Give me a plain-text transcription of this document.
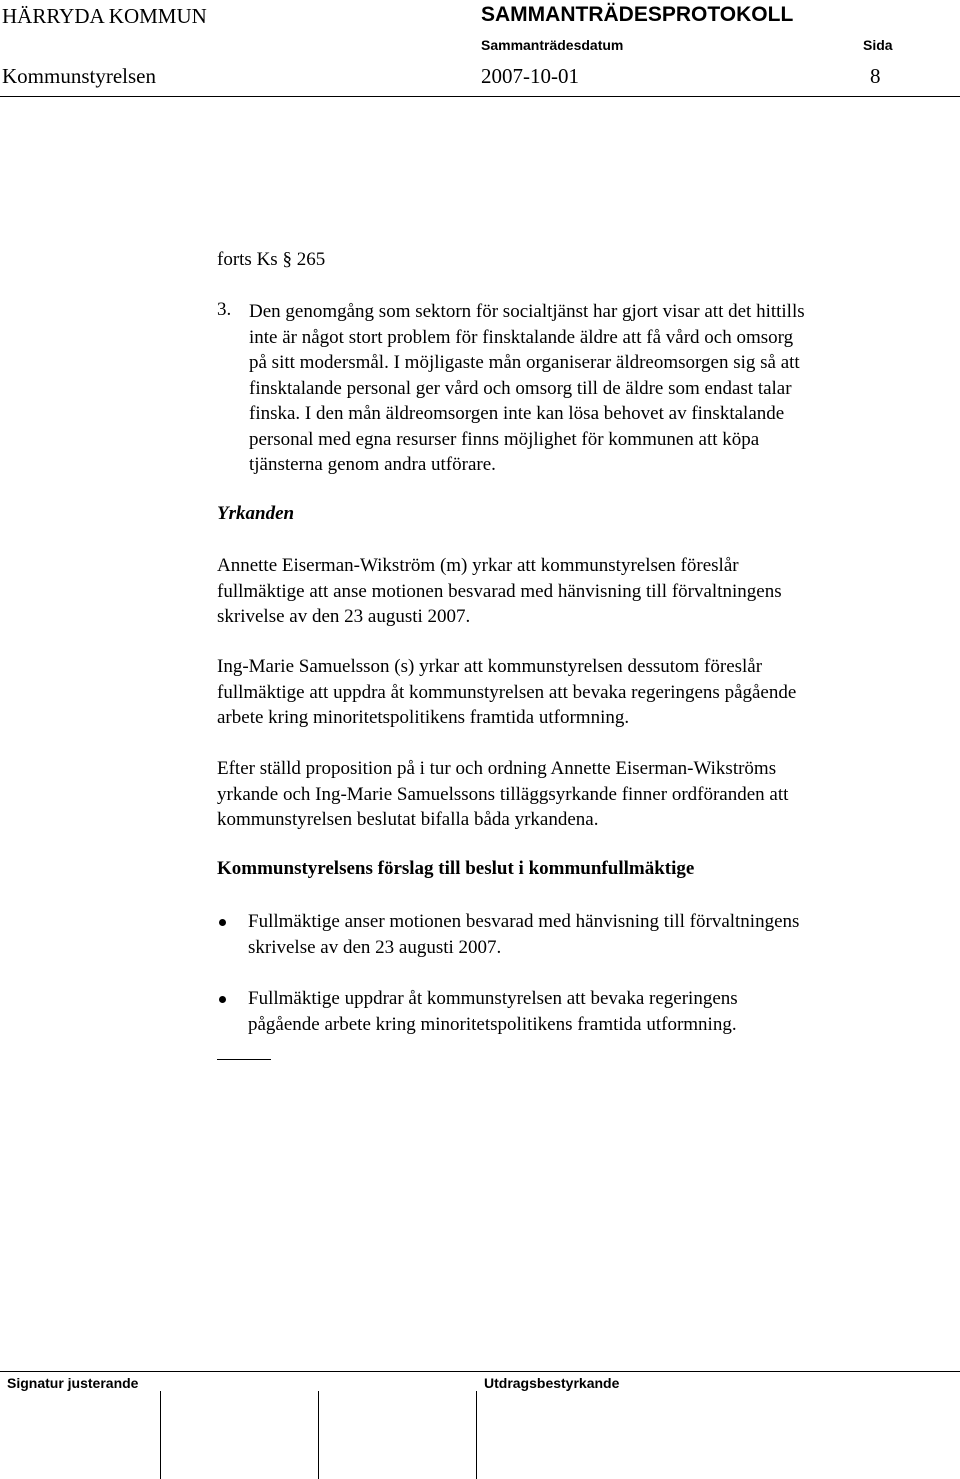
HÄRRYDA KOMMUN	SAMMANTRÄDESPROTOKOLL
Sammanträdesdatum	Sida
Kommunstyrelsen	2007-10-01	8
forts Ks § 265
3. Den genomgång som sektorn för socialtjänst har gjort visar att det hittills

inte är något stort problem för finsktalande äldre att få vård och omsorg

på sitt modersmål. I möjligaste mån organiserar äldreomsorgen sig så att

finsktalande personal ger vård och omsorg till de äldre som endast talar

finska. I den mån äldreomsorgen inte kan lösa behovet av finsktalande

personal med egna resurser finns möjlighet för kommunen att köpa

tjänsterna genom andra utförare.

Yrkanden

Annette Eiserman-Wikström (m) yrkar att kommunstyrelsen föreslår

fullmäktige att anse motionen besvarad med hänvisning till förvaltningens

skrivelse av den 23 augusti 2007.

Ing-Marie Samuelsson (s) yrkar att kommunstyrelsen dessutom föreslår

fullmäktige att uppdra åt kommunstyrelsen att bevaka regeringens pågående

arbete kring minoritetspolitikens framtida utformning.

Efter ställd proposition på i tur och ordning Annette Eiserman-Wikströms

yrkande och Ing-Marie Samuelssons tilläggsyrkande finner ordföranden att

kommunstyrelsen beslutat bifalla båda yrkandena.

Kommunstyrelsens förslag till beslut i kommunfullmäktige

Fullmäktige anser motionen besvarad med hänvisning till förvaltningens

skrivelse av den 23 augusti 2007.

Fullmäktige uppdrar åt kommunstyrelsen att bevaka regeringens

pågående arbete kring minoritetspolitikens framtida utformning.

Signatur justerande	Utdragsbestyrkande
